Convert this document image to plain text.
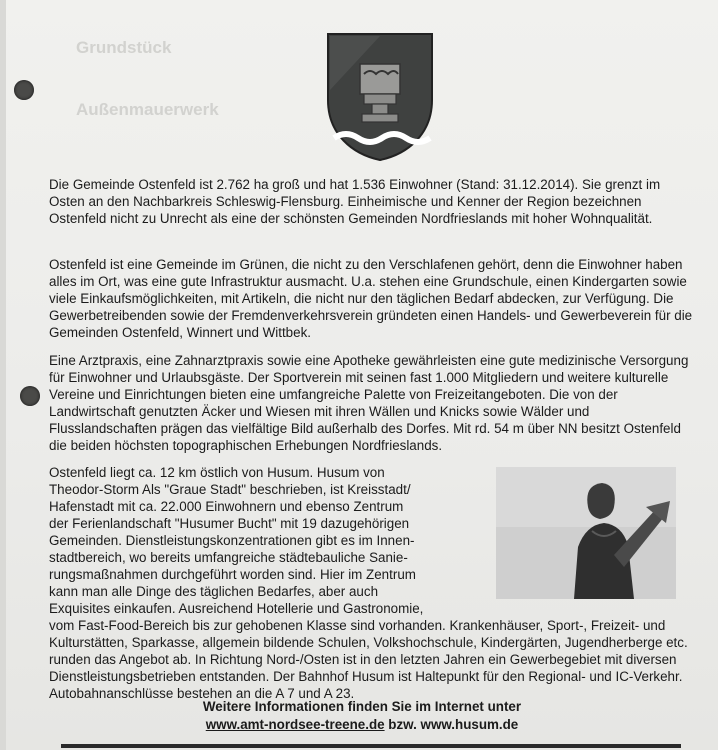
Grundstück
Außenmauerwerk

Die Gemeinde Ostenfeld ist 2.762 ha groß und hat 1.536 Einwohner (Stand: 31.12.2014). Sie grenzt im Osten an den Nachbarkreis Schleswig-Flensburg. Einheimische und Kenner der Region bezeichnen Ostenfeld nicht zu Unrecht als eine der schönsten Gemeinden Nordfrieslands mit hoher Wohnqualität.

Ostenfeld ist eine Gemeinde im Grünen, die nicht zu den Verschlafenen gehört, denn die Einwohner haben alles im Ort, was eine gute Infrastruktur ausmacht. U.a. stehen eine Grundschule, einen Kindergarten sowie viele Einkaufsmöglichkeiten, mit Artikeln, die nicht nur den täglichen Bedarf abdecken, zur Verfügung. Die Gewerbetreibenden sowie der Fremdenverkehrsverein gründeten einen Handels- und Gewerbeverein für die Gemeinden Ostenfeld, Winnert und Wittbek.

Eine Arztpraxis, eine Zahnarztpraxis sowie eine Apotheke gewährleisten eine gute medizinische Versorgung für Einwohner und Urlaubsgäste. Der Sportverein mit seinen fast 1.000 Mitgliedern und weitere kulturelle Vereine und Einrichtungen bieten eine umfangreiche Palette von Freizeitangeboten. Die von der Landwirtschaft genutzten Äcker und Wiesen mit ihren Wällen und Knicks sowie Wälder und Flusslandschaften prägen das vielfältige Bild außerhalb des Dorfes. Mit rd. 54 m über NN besitzt Ostenfeld die beiden höchsten topographischen Erhebungen Nordfrieslands.

Ostenfeld liegt ca. 12 km östlich von Husum. Husum von
Theodor-Storm Als "Graue Stadt" beschrieben, ist Kreisstadt/
Hafenstadt mit ca. 22.000 Einwohnern und ebenso Zentrum
der Ferienlandschaft "Husumer Bucht" mit 19 dazugehörigen
Gemeinden. Dienstleistungskonzentrationen gibt es im Innen-
stadtbereich, wo bereits umfangreiche städtebauliche Sanie-
rungsmaßnahmen durchgeführt worden sind. Hier im Zentrum
kann man alle Dinge des täglichen Bedarfes, aber auch
Exquisites einkaufen. Ausreichend Hotellerie und Gastronomie,

vom Fast-Food-Bereich bis zur gehobenen Klasse sind vorhanden. Krankenhäuser, Sport-, Freizeit- und Kulturstätten, Sparkasse, allgemein bildende Schulen, Volkshochschule, Kindergärten, Jugendherberge etc. runden das Angebot ab. In Richtung Nord-/Osten ist in den letzten Jahren ein Gewerbegebiet mit diversen Dienstleistungsbetrieben entstanden. Der Bahnhof Husum ist Haltepunkt für den Regional- und IC-Verkehr. Autobahnanschlüsse bestehen an die A 7 und A 23.

Weitere Informationen finden Sie im Internet unter
www.amt-nordsee-treene.de bzw. www.husum.de
